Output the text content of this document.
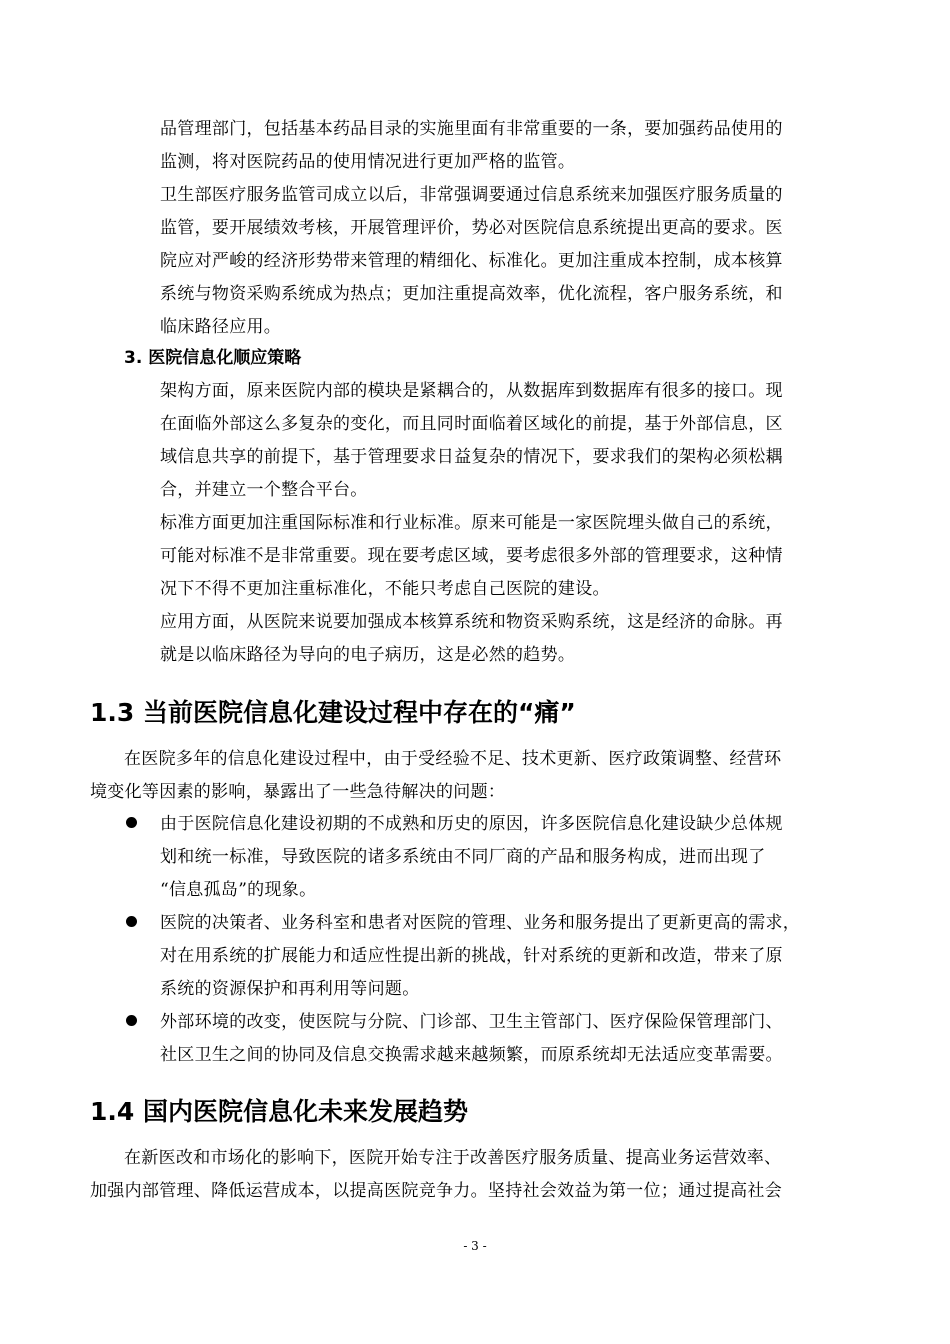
品管理部门，包括基本药品目录的实施里面有非常重要的一条，要加强药品使用的
监测，将对医院药品的使用情况进行更加严格的监管。
卫生部医疗服务监管司成立以后，非常强调要通过信息系统来加强医疗服务质量的
监管，要开展绩效考核，开展管理评价，势必对医院信息系统提出更高的要求。医
院应对严峻的经济形势带来管理的精细化、标准化。更加注重成本控制，成本核算
系统与物资采购系统成为热点；更加注重提高效率，优化流程，客户服务系统，和
临床路径应用。
3. 医院信息化顺应策略
架构方面，原来医院内部的模块是紧耦合的，从数据库到数据库有很多的接口。现
在面临外部这么多复杂的变化，而且同时面临着区域化的前提，基于外部信息，区
域信息共享的前提下，基于管理要求日益复杂的情况下，要求我们的架构必须松耦
合，并建立一个整合平台。
标准方面更加注重国际标准和行业标准。原来可能是一家医院埋头做自己的系统，
可能对标准不是非常重要。现在要考虑区域，要考虑很多外部的管理要求，这种情
况下不得不更加注重标准化，不能只考虑自己医院的建设。
应用方面，从医院来说要加强成本核算系统和物资采购系统，这是经济的命脉。再
就是以临床路径为导向的电子病历，这是必然的趋势。
1.3 当前医院信息化建设过程中存在的“痛”
在医院多年的信息化建设过程中，由于受经验不足、技术更新、医疗政策调整、经营环
境变化等因素的影响，暴露出了一些急待解决的问题：
由于医院信息化建设初期的不成熟和历史的原因，许多医院信息化建设缺少总体规
划和统一标准，导致医院的诸多系统由不同厂商的产品和服务构成，进而出现了
“信息孤岛”的现象。
医院的决策者、业务科室和患者对医院的管理、业务和服务提出了更新更高的需求，
对在用系统的扩展能力和适应性提出新的挑战，针对系统的更新和改造，带来了原
系统的资源保护和再利用等问题。
外部环境的改变，使医院与分院、门诊部、卫生主管部门、医疗保险保管理部门、
社区卫生之间的协同及信息交换需求越来越频繁，而原系统却无法适应变革需要。
1.4 国内医院信息化未来发展趋势
在新医改和市场化的影响下，医院开始专注于改善医疗服务质量、提高业务运营效率、
加强内部管理、降低运营成本，以提高医院竞争力。坚持社会效益为第一位；通过提高社会
- 3 -
